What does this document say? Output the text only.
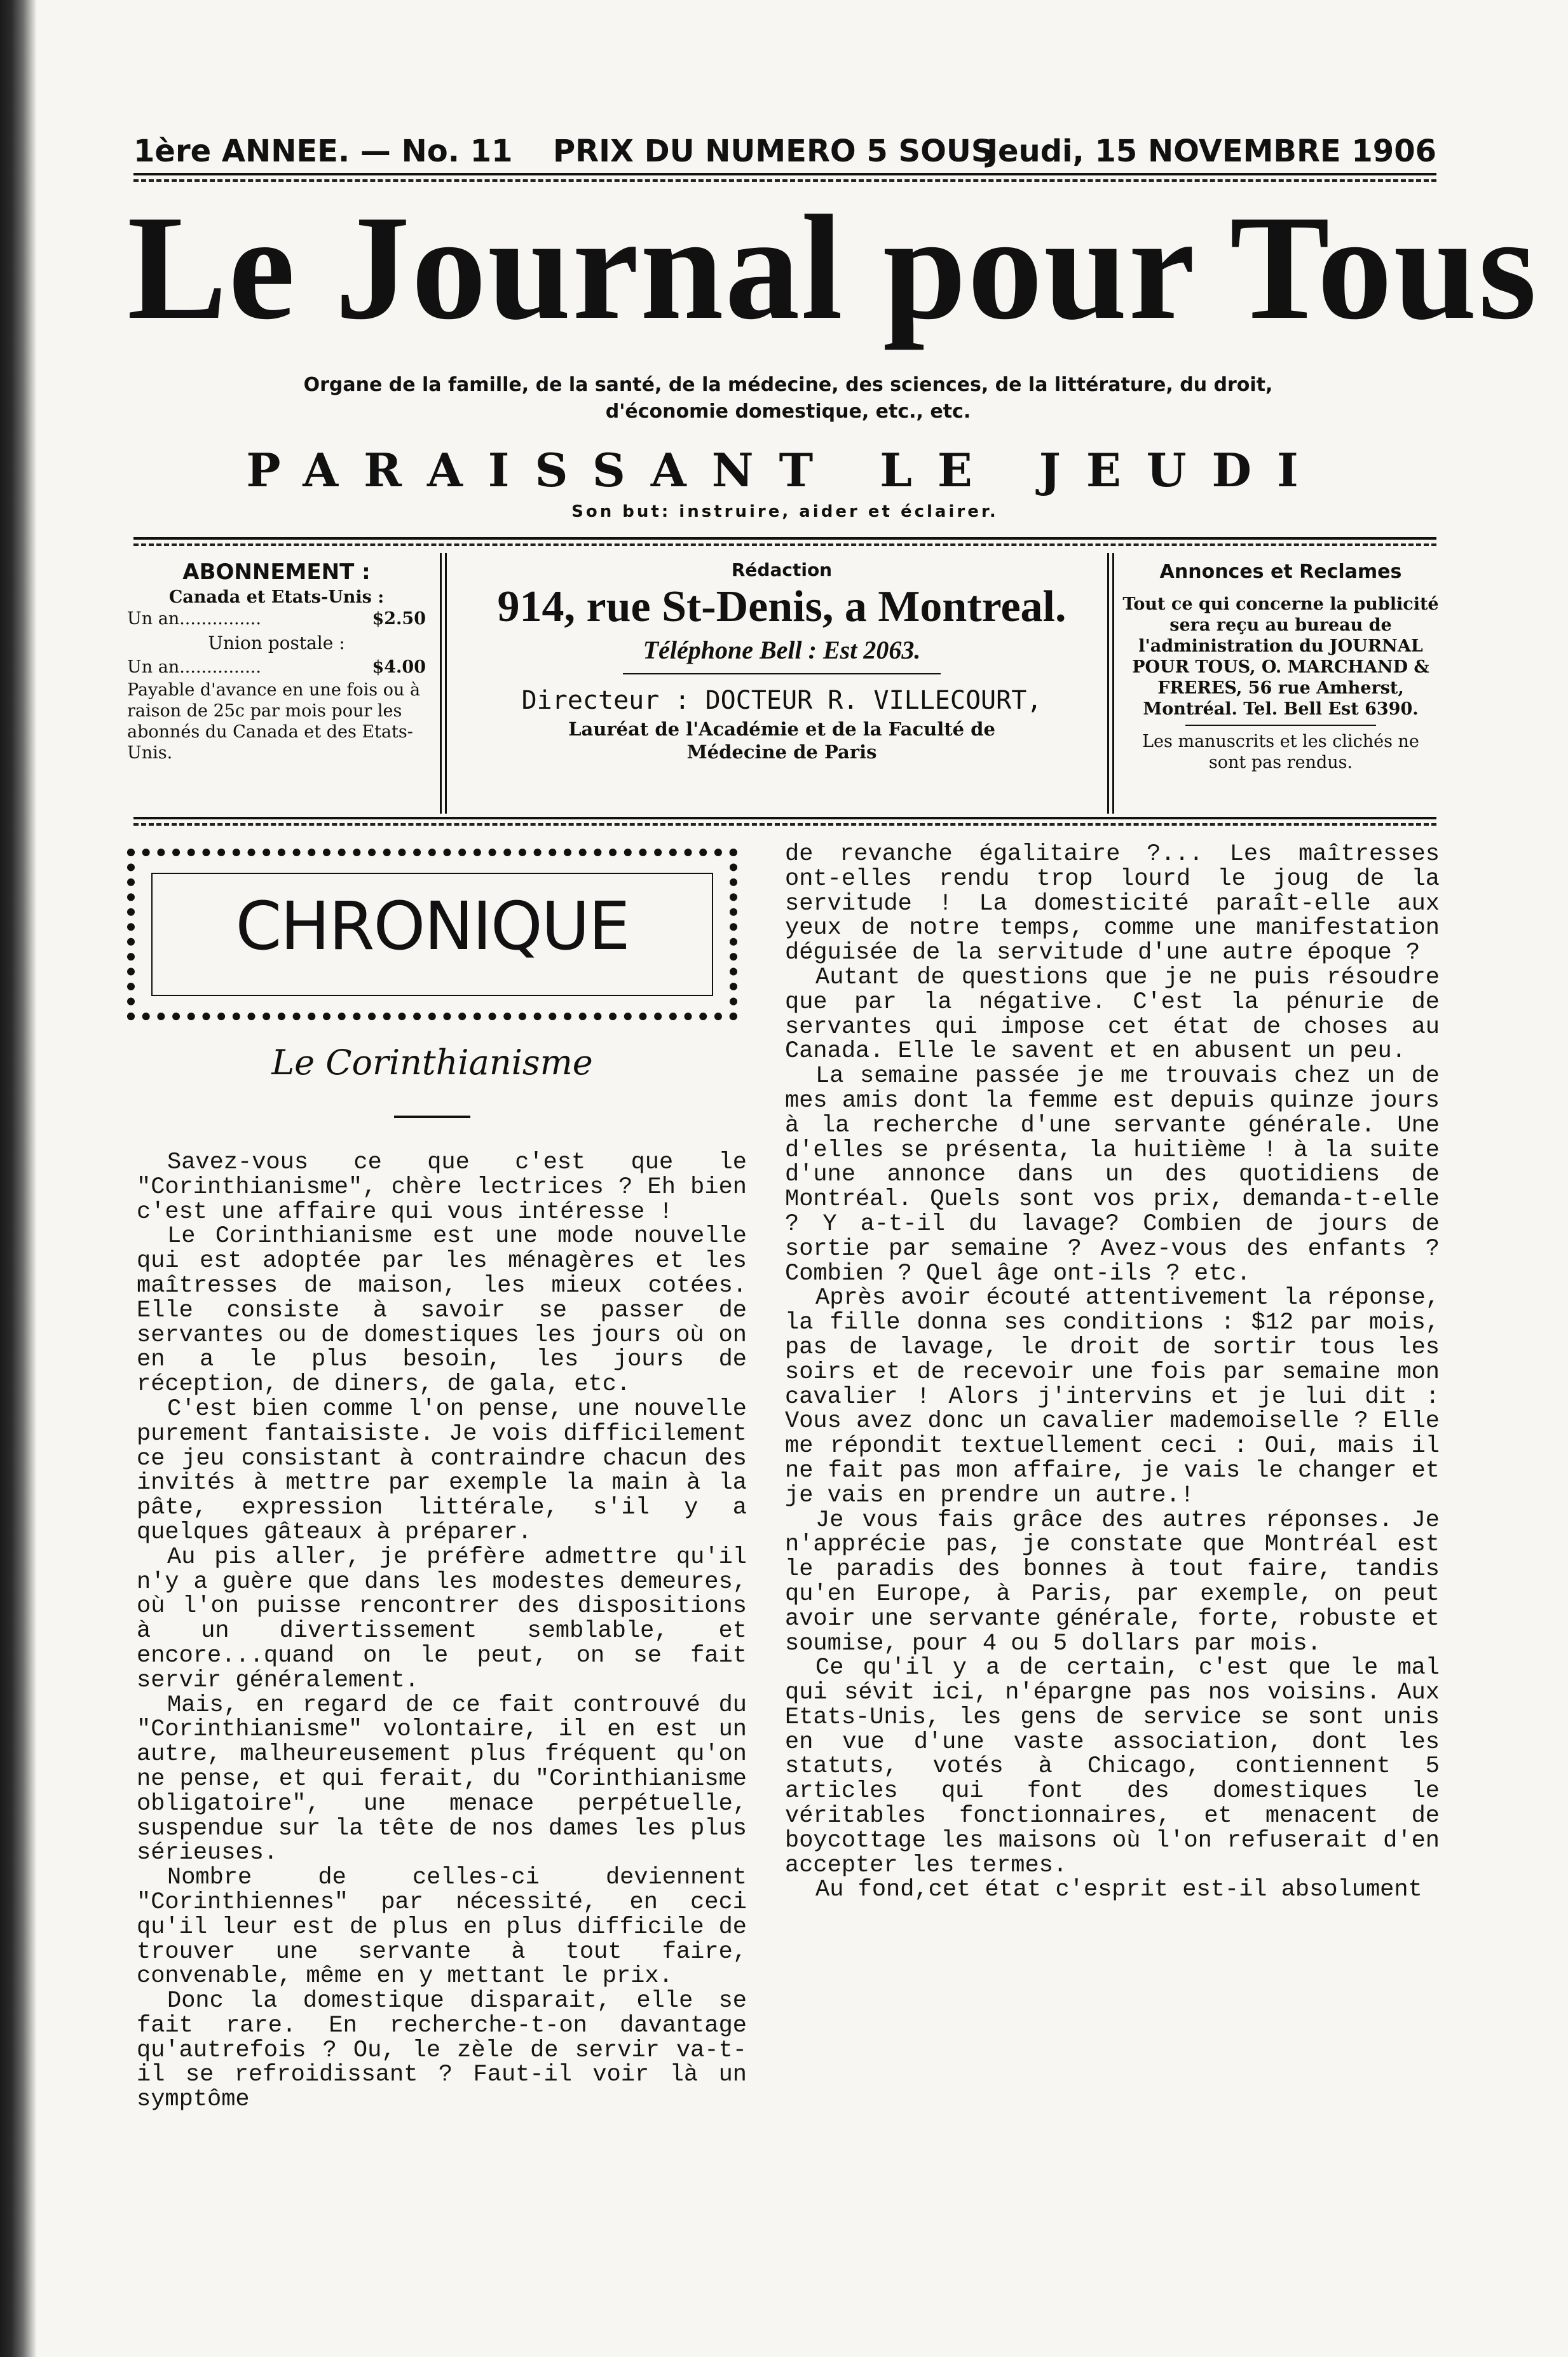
1ère ANNEE. — No. 11 PRIX DU NUMERO 5 SOUS
Jeudi, 15 NOVEMBRE 1906
Le Journal pour Tous
Organe de la famille, de la santé, de la médecine, des sciences, de la littérature, du droit,
d'économie domestique, etc., etc.
PARAISSANT LE JEUDI
Son but: instruire, aider et éclairer.
ABONNEMENT :
Canada et Etats-Unis :
Un an...............	$2.50
Union postale :
Un an...............	$4.00
Payable d'avance en une fois ou à raison de 25c par mois pour les abonnés du Canada et des Etats-Unis.
Rédaction
914, rue St-Denis, a Montreal.
Téléphone Bell : Est 2063.
Directeur : DOCTEUR R. VILLECOURT,
Lauréat de l'Académie et de la Faculté de
Médecine de Paris
Annonces et Reclames
Tout ce qui concerne la publicité sera reçu au bureau de l'administration du JOURNAL POUR TOUS, O. MARCHAND & FRERES, 56 rue Amherst, Montréal. Tel. Bell Est 6390.
Les manuscrits et les clichés ne sont pas rendus.
CHRONIQUE
Le Corinthianisme

Savez-vous ce que c'est que le "Corinthianisme", chère lectrices ? Eh bien c'est une affaire qui vous intéresse !

Le Corinthianisme est une mode nouvelle qui est adoptée par les ménagères et les maîtresses de maison, les mieux cotées. Elle consiste à savoir se passer de servantes ou de domestiques les jours où on en a le plus besoin, les jours de réception, de diners, de gala, etc.

C'est bien comme l'on pense, une nouvelle purement fantaisiste. Je vois difficilement ce jeu consistant à contraindre chacun des invités à mettre par exemple la main à la pâte, expression littérale, s'il y a quelques gâteaux à préparer.

Au pis aller, je préfère admettre qu'il n'y a guère que dans les modestes demeures, où l'on puisse rencontrer des dispositions à un divertissement semblable, et encore...quand on le peut, on se fait servir généralement.

Mais, en regard de ce fait controuvé du "Corinthianisme" volontaire, il en est un autre, malheureusement plus fréquent qu'on ne pense, et qui ferait, du "Corinthianisme obligatoire", une menace perpétuelle, suspendue sur la tête de nos dames les plus sérieuses.

Nombre de celles-ci deviennent "Corinthiennes" par nécessité, en ceci qu'il leur est de plus en plus difficile de trouver une servante à tout faire, convenable, même en y mettant le prix.

Donc la domestique disparait, elle se fait rare. En recherche-t-on davantage qu'autrefois ? Ou, le zèle de servir va-t-il se refroidissant ? Faut-il voir là un symptôme

de revanche égalitaire ?... Les maîtresses ont-elles rendu trop lourd le joug de la servitude ! La domesticité paraît-elle aux yeux de notre temps, comme une manifestation déguisée de la servitude d'une autre époque ?

Autant de questions que je ne puis résoudre que par la négative. C'est la pénurie de servantes qui impose cet état de choses au Canada. Elle le savent et en abusent un peu.

La semaine passée je me trouvais chez un de mes amis dont la femme est depuis quinze jours à la recherche d'une servante générale. Une d'elles se présenta, la huitième ! à la suite d'une annonce dans un des quotidiens de Montréal. Quels sont vos prix, demanda-t-elle ? Y a-t-il du lavage? Combien de jours de sortie par semaine ? Avez-vous des enfants ? Combien ? Quel âge ont-ils ? etc.

Après avoir écouté attentivement la réponse, la fille donna ses conditions : $12 par mois, pas de lavage, le droit de sortir tous les soirs et de recevoir une fois par semaine mon cavalier ! Alors j'intervins et je lui dit : Vous avez donc un cavalier mademoiselle ? Elle me répondit textuellement ceci : Oui, mais il ne fait pas mon affaire, je vais le changer et je vais en prendre un autre.!

Je vous fais grâce des autres réponses. Je n'apprécie pas, je constate que Montréal est le paradis des bonnes à tout faire, tandis qu'en Europe, à Paris, par exemple, on peut avoir une servante générale, forte, robuste et soumise, pour 4 ou 5 dollars par mois.

Ce qu'il y a de certain, c'est que le mal qui sévit ici, n'épargne pas nos voisins. Aux Etats-Unis, les gens de service se sont unis en vue d'une vaste association, dont les statuts, votés à Chicago, contiennent 5 articles qui font des domestiques le véritables fonctionnaires, et menacent de boycottage les maisons où l'on refuserait d'en accepter les termes.

Au fond,cet état c'esprit est-il absolument
